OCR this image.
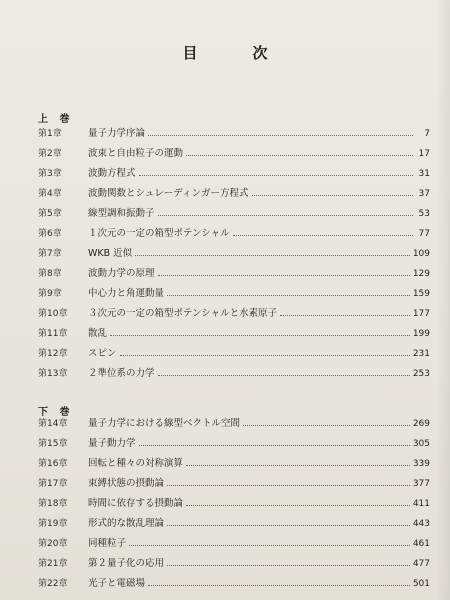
目　次
上 巻
第1章	量子力学序論	7
第2章	波束と自由粒子の運動	17
第3章	波動方程式	31
第4章	波動関数とシュレーディンガー方程式	37
第5章	線型調和振動子	53
第6章	１次元の一定の箱型ポテンシャル	77
第7章	WKB 近似	109
第8章	波動力学の原理	129
第9章	中心力と角運動量	159
第10章	３次元の一定の箱型ポテンシャルと水素原子	177
第11章	散乱	199
第12章	スピン	231
第13章	２準位系の力学	253
下 巻
第14章	量子力学における線型ベクトル空間	269
第15章	量子動力学	305
第16章	回転と種々の対称演算	339
第17章	束縛状態の摂動論	377
第18章	時間に依存する摂動論	411
第19章	形式的な散乱理論	443
第20章	同種粒子	461
第21章	第２量子化の応用	477
第22章	光子と電磁場	501
